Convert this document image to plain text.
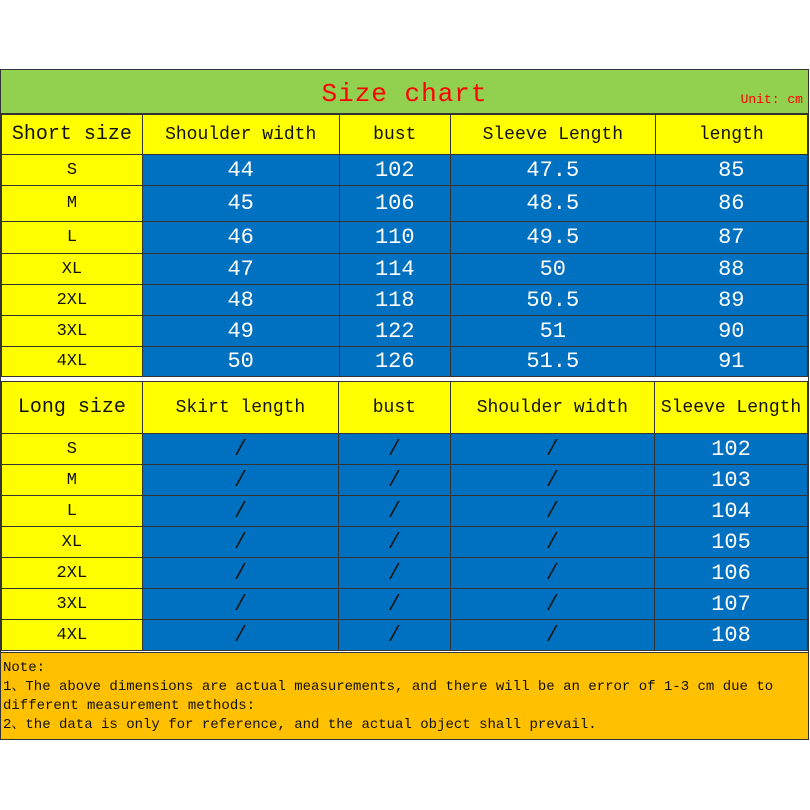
Size chart	Unit: cm
Short size	Shoulder width	bust	Sleeve Length	length
S	44	102	47.5	85
M	45	106	48.5	86
L	46	110	49.5	87
XL	47	114	50	88
2XL	48	118	50.5	89
3XL	49	122	51	90
4XL	50	126	51.5	91
Long size	Skirt length	bust	Shoulder width	Sleeve Length
S	/	/	/	102
M	/	/	/	103
L	/	/	/	104
XL	/	/	/	105
2XL	/	/	/	106
3XL	/	/	/	107
4XL	/	/	/	108
Note:
1、The above dimensions are actual measurements, and there will be an error of 1-3 cm due to different measurement methods:
2、the data is only for reference, and the actual object shall prevail.
